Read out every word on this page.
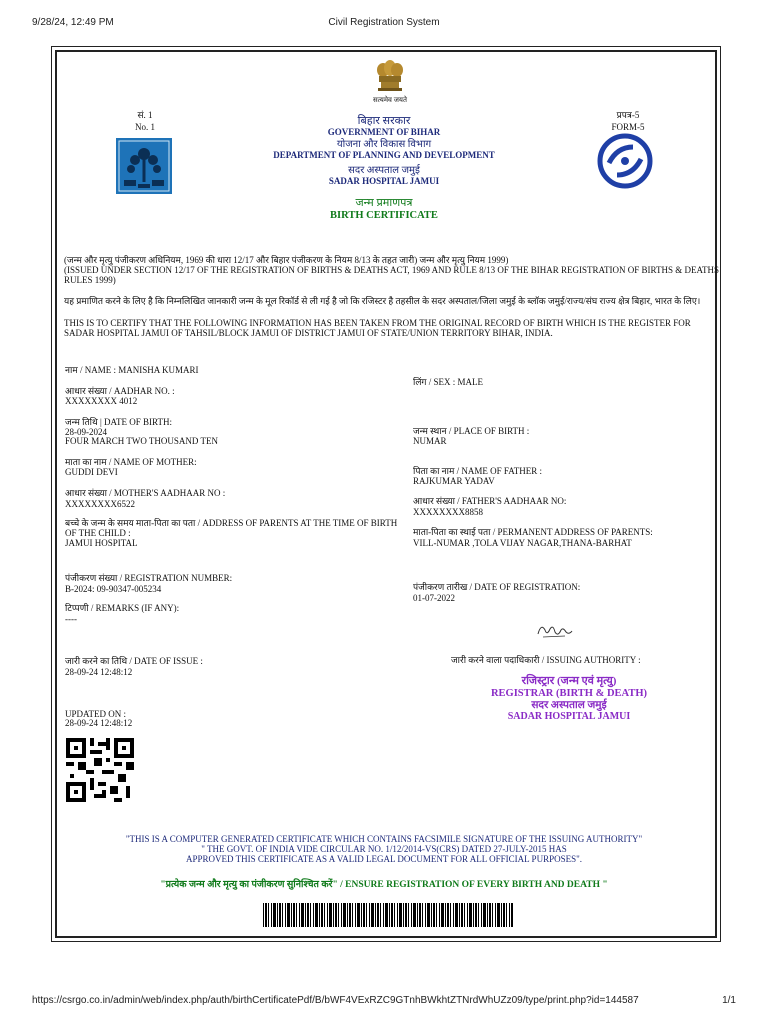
9/28/24, 12:49 PM	Civil Registration System
सत्यमेव जयते
सं. 1
No. 1
प्रपत्र-5
FORM-5
बिहार सरकार
GOVERNMENT OF BIHAR
योजना और विकास विभाग
DEPARTMENT OF PLANNING AND DEVELOPMENT
सदर अस्पताल जमुई
SADAR HOSPITAL JAMUI
जन्म प्रमाणपत्र
BIRTH CERTIFICATE
(जन्म और मृत्यु पंजीकरण अधिनियम, 1969 की धारा 12/17 और बिहार पंजीकरण के नियम 8/13 के तहत जारी) जन्म और मृत्यु नियम 1999)
(ISSUED UNDER SECTION 12/17 OF THE REGISTRATION OF BIRTHS & DEATHS ACT, 1969 AND RULE 8/13 OF THE BIHAR REGISTRATION OF BIRTHS & DEATHS RULES 1999)
यह प्रमाणित करने के लिए है कि निम्नलिखित जानकारी जन्म के मूल रिकॉर्ड से ली गई है जो कि रजिस्टर है तहसील के सदर अस्पताल/जिला जमुई के ब्लॉक जमुई/राज्य/संघ राज्य क्षेत्र बिहार, भारत के लिए।
THIS IS TO CERTIFY THAT THE FOLLOWING INFORMATION HAS BEEN TAKEN FROM THE ORIGINAL RECORD OF BIRTH WHICH IS THE REGISTER FOR SADAR HOSPITAL JAMUI OF TAHSIL/BLOCK JAMUI OF DISTRICT JAMUI OF STATE/UNION TERRITORY BIHAR, INDIA.
नाम / NAME : MANISHA KUMARI
आधार संख्या / AADHAR NO. :
XXXXXXXX 4012
जन्म तिथि | DATE OF BIRTH:
28-09-2024
FOUR MARCH TWO THOUSAND TEN
माता का नाम / NAME OF MOTHER:
GUDDI DEVI
आधार संख्या / MOTHER'S AADHAAR NO :
XXXXXXXX6522
बच्चे के जन्म के समय माता-पिता का पता / ADDRESS OF PARENTS AT THE TIME OF BIRTH OF THE CHILD :
JAMUI HOSPITAL
पंजीकरण संख्या / REGISTRATION NUMBER:
B-2024: 09-90347-005234
टिप्पणी / REMARKS (IF ANY):
----
जारी करने का तिथि / DATE OF ISSUE :
28-09-24 12:48:12
UPDATED ON :
28-09-24 12:48:12
लिंग / SEX : MALE
जन्म स्थान / PLACE OF BIRTH :
NUMAR
पिता का नाम / NAME OF FATHER :
RAJKUMAR YADAV
आधार संख्या / FATHER'S AADHAAR NO:
XXXXXXXX8858
माता-पिता का स्थाई पता / PERMANENT ADDRESS OF PARENTS:
VILL-NUMAR ,TOLA VIJAY NAGAR,THANA-BARHAT
पंजीकरण तारीख / DATE OF REGISTRATION:
01-07-2022
जारी करने वाला पदाधिकारी / ISSUING AUTHORITY :
रजिस्ट्रार (जन्म एवं मृत्यु)
REGISTRAR (BIRTH & DEATH)
सदर अस्पताल जमुई
SADAR HOSPITAL JAMUI
"THIS IS A COMPUTER GENERATED CERTIFICATE WHICH CONTAINS FACSIMILE SIGNATURE OF THE ISSUING AUTHORITY"
" THE GOVT. OF INDIA VIDE CIRCULAR NO. 1/12/2014-VS(CRS) DATED 27-JULY-2015 HAS
APPROVED THIS CERTIFICATE AS A VALID LEGAL DOCUMENT FOR ALL OFFICIAL PURPOSES".
"प्रत्येक जन्म और मृत्यु का पंजीकरण सुनिश्चित करें" / ENSURE REGISTRATION OF EVERY BIRTH AND DEATH "
https://csrgo.co.in/admin/web/index.php/auth/birthCertificatePdf/B/bWF4VExRZC9GTnhBWkhtZTNrdWhUZz09/type/print.php?id=144587	1/1
